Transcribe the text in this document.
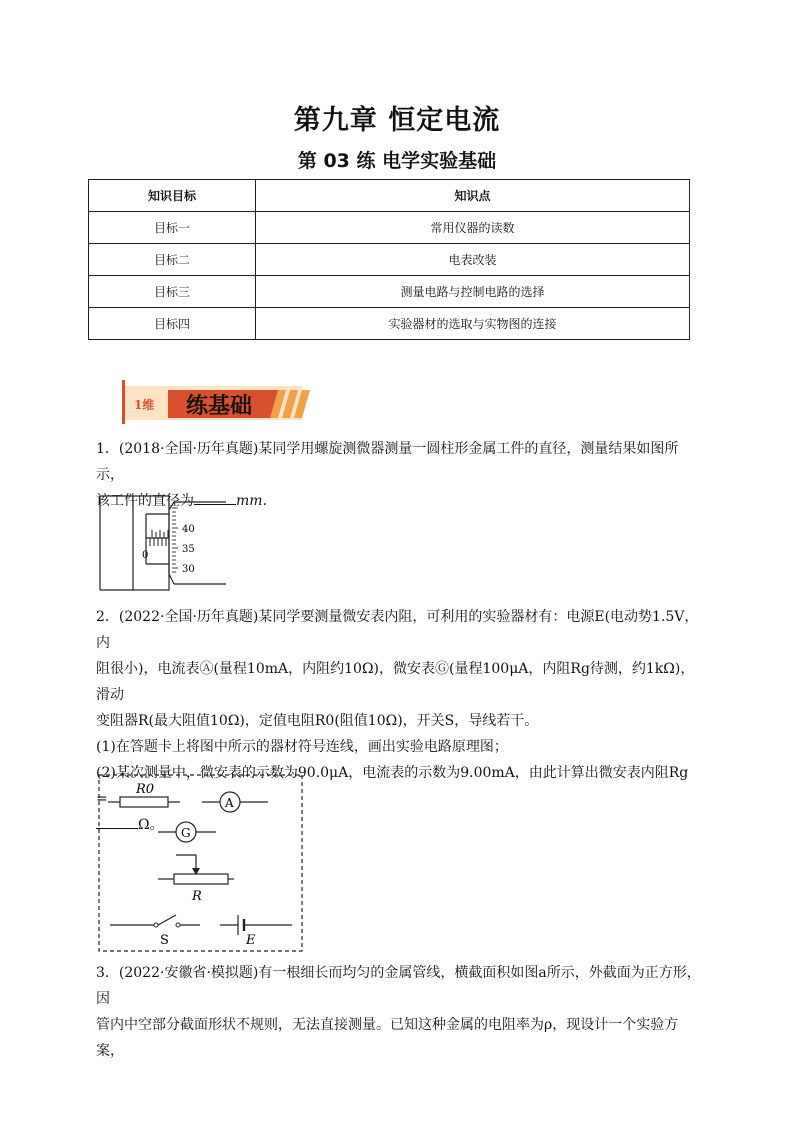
第九章 恒定电流
第 03 练 电学实验基础
知识目标	知识点
目标一	常用仪器的读数
目标二	电表改装
目标三	测量电路与控制电路的选择
目标四	实验器材的选取与实物图的连接
1维 练基础
1．(2018·全国·历年真题)某同学用螺旋测微器测量一圆柱形金属工件的直径，测量结果如图所示，
该工件的直径为	mm．
40
35
30
0
2．(2022·全国·历年真题)某同学要测量微安表内阻，可利用的实验器材有：电源E(电动势1.5V，内
阻很小)，电流表Ⓐ(量程10mA，内阻约10Ω)，微安表Ⓖ(量程100μA，内阻Rg待测，约1kΩ)，滑动
变阻器R(最大阻值10Ω)，定值电阻R0(阻值10Ω)，开关S，导线若干。
(1)在答题卡上将图中所示的器材符号连线，画出实验电路原理图；
(2)某次测量中，微安表的示数为90.0μA，电流表的示数为9.00mA，由此计算出微安表内阻Rg =
Ω。
R0
A
G
R
S	E
3．(2022·安徽省·模拟题)有一根细长而均匀的金属管线，横截面积如图a所示，外截面为正方形，因
管内中空部分截面形状不规则，无法直接测量。已知这种金属的电阻率为ρ，现设计一个实验方案，
